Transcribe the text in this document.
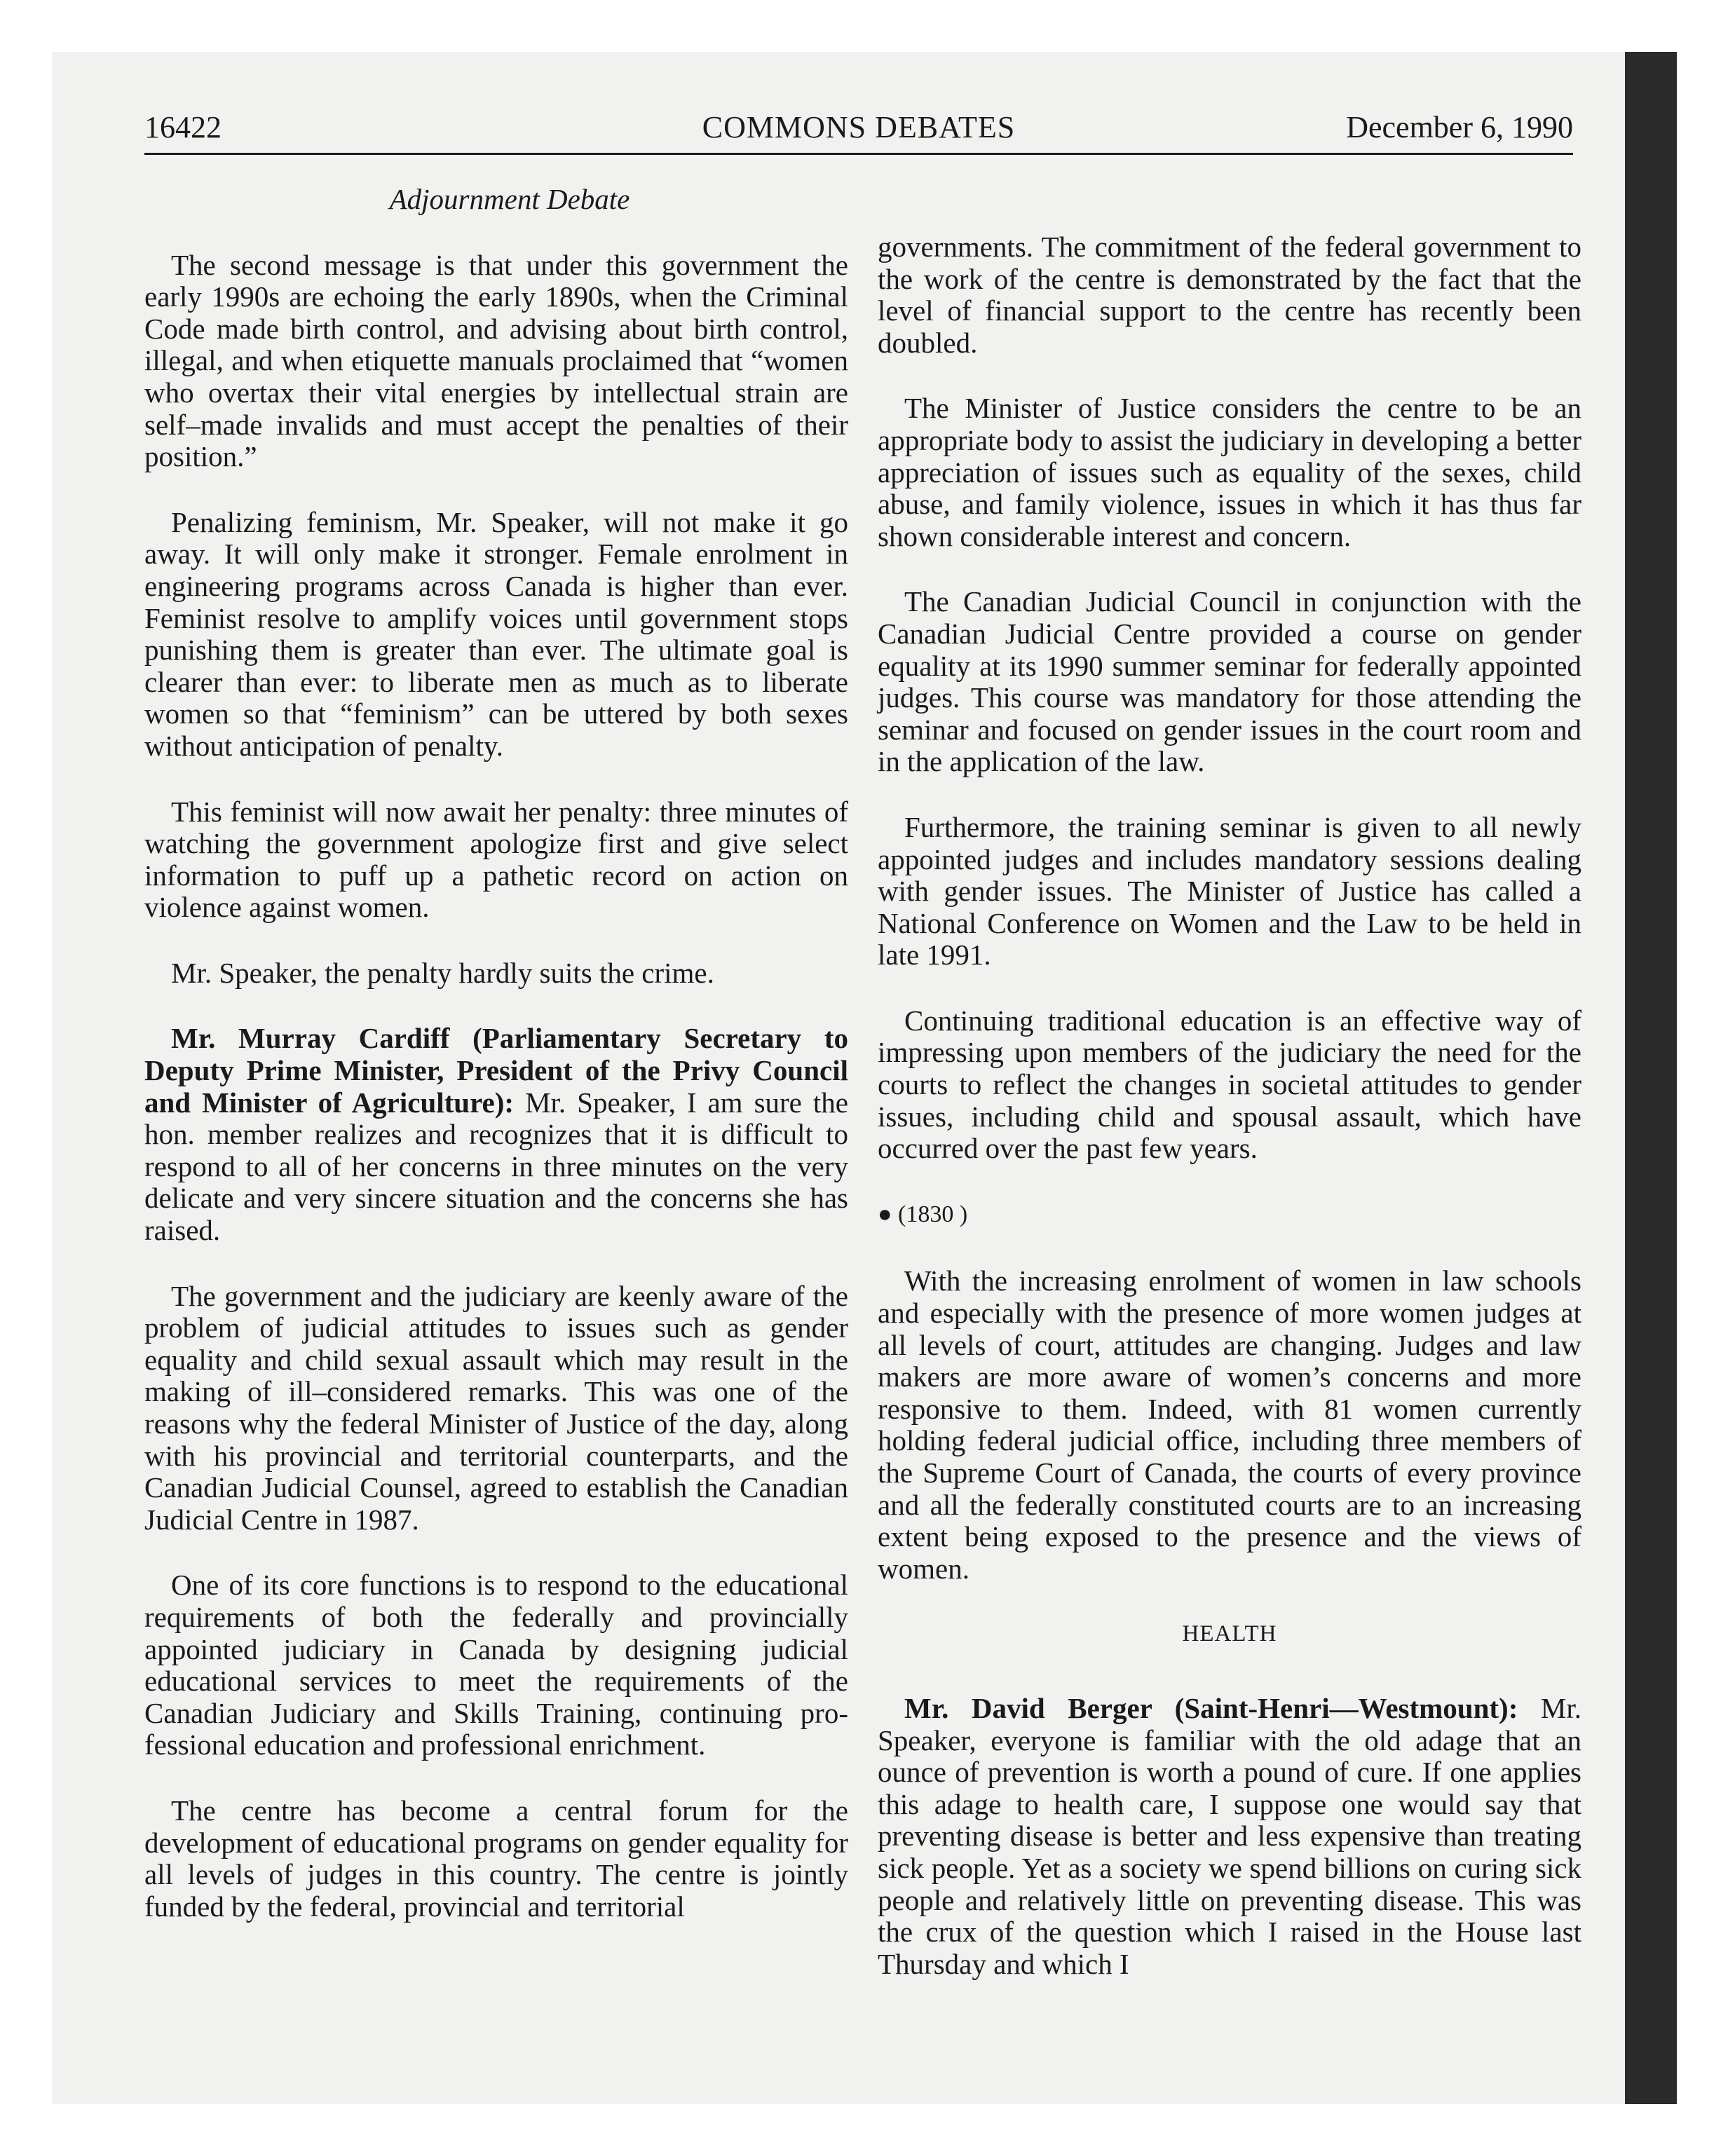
16422	COMMONS DEBATES	December 6, 1990

Adjournment Debate

The second message is that under this government the early 1990s are echoing the early 1890s, when the Criminal Code made birth control, and advising about birth control, illegal, and when etiquette manuals proclaimed that “women who overtax their vital energies by intellectual strain are self–made invalids and must accept the penalties of their position.”

Penalizing feminism, Mr. Speaker, will not make it go away. It will only make it stronger. Female enrolment in engineering programs across Canada is higher than ever. Feminist resolve to amplify voices until government stops punishing them is greater than ever. The ultimate goal is clearer than ever: to liberate men as much as to liberate women so that “feminism” can be uttered by both sexes without anticipation of penalty.

This feminist will now await her penalty: three minutes of watching the government apologize first and give select information to puff up a pathetic record on action on violence against women.

Mr. Speaker, the penalty hardly suits the crime.

Mr. Murray Cardiff (Parliamentary Secretary to Deputy Prime Minister, President of the Privy Council and Minister of Agriculture): Mr. Speaker, I am sure the hon. member realizes and recognizes that it is difficult to respond to all of her concerns in three minutes on the very delicate and very sincere situation and the concerns she has raised.

The government and the judiciary are keenly aware of the problem of judicial attitudes to issues such as gender equality and child sexual assault which may result in the making of ill–considered remarks. This was one of the reasons why the federal Minister of Justice of the day, along with his provincial and territorial counterparts, and the Canadian Judicial Counsel, agreed to establish the Canadian Judicial Centre in 1987.

One of its core functions is to respond to the educational requirements of both the federally and provincially appointed judiciary in Canada by designing judicial educational services to meet the requirements of the Canadian Judiciary and Skills Training, continuing professional education and professional enrichment.

The centre has become a central forum for the development of educational programs on gender equality for all levels of judges in this country. The centre is jointly funded by the federal, provincial and territorial

governments. The commitment of the federal government to the work of the centre is demonstrated by the fact that the level of financial support to the centre has recently been doubled.

The Minister of Justice considers the centre to be an appropriate body to assist the judiciary in developing a better appreciation of issues such as equality of the sexes, child abuse, and family violence, issues in which it has thus far shown considerable interest and concern.

The Canadian Judicial Council in conjunction with the Canadian Judicial Centre provided a course on gender equality at its 1990 summer seminar for federally appointed judges. This course was mandatory for those attending the seminar and focused on gender issues in the court room and in the application of the law.

Furthermore, the training seminar is given to all newly appointed judges and includes mandatory sessions dealing with gender issues. The Minister of Justice has called a National Conference on Women and the Law to be held in late 1991.

Continuing traditional education is an effective way of impressing upon members of the judiciary the need for the courts to reflect the changes in societal attitudes to gender issues, including child and spousal assault, which have occurred over the past few years.

● (1830 )

With the increasing enrolment of women in law schools and especially with the presence of more women judges at all levels of court, attitudes are changing. Judges and law makers are more aware of women’s concerns and more responsive to them. Indeed, with 81 women currently holding federal judicial office, including three members of the Supreme Court of Canada, the courts of every province and all the federally constituted courts are to an increasing extent being exposed to the presence and the views of women.

HEALTH

Mr. David Berger (Saint-Henri—Westmount): Mr. Speaker, everyone is familiar with the old adage that an ounce of prevention is worth a pound of cure. If one applies this adage to health care, I suppose one would say that preventing disease is better and less expensive than treating sick people. Yet as a society we spend billions on curing sick people and relatively little on preventing disease. This was the crux of the question which I raised in the House last Thursday and which I
